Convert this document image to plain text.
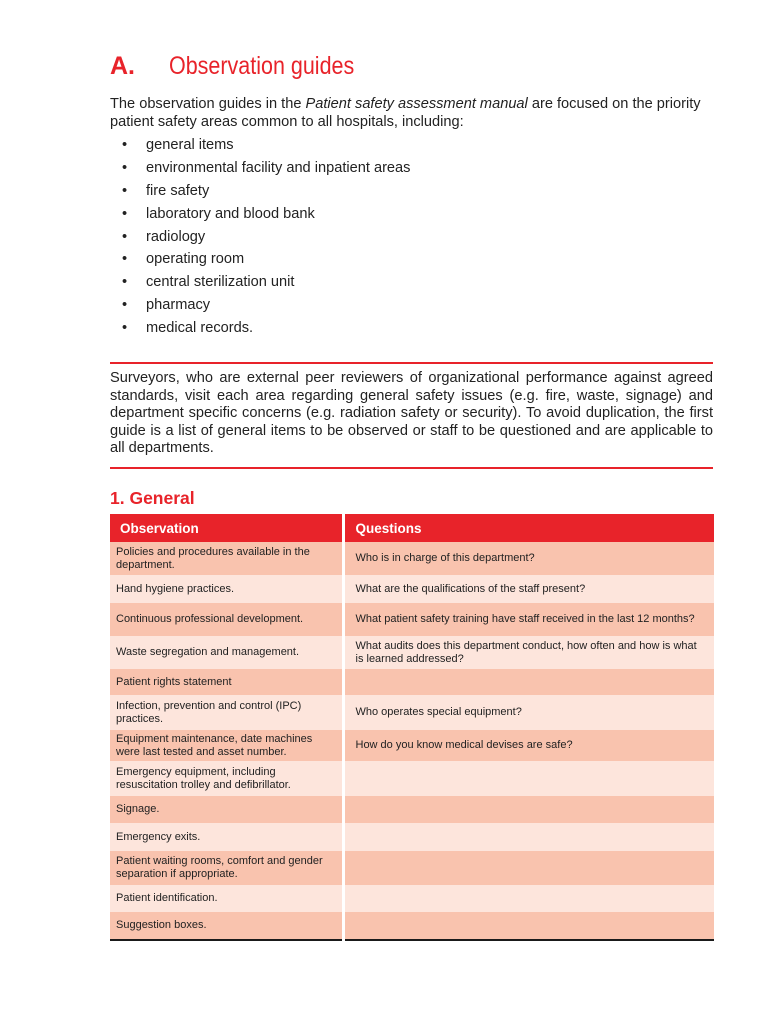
A. Observation guides

The observation guides in the Patient safety assessment manual are focused on the priority patient safety areas common to all hospitals, including:

• general items
• environmental facility and inpatient areas
• fire safety
• laboratory and blood bank
• radiology
• operating room
• central sterilization unit
• pharmacy
• medical records.

Surveyors, who are external peer reviewers of organizational performance against agreed standards, visit each area regarding general safety issues (e.g. fire, waste, signage) and department specific concerns (e.g. radiation safety or security). To avoid duplication, the first guide is a list of general items to be observed or staff to be questioned and are applicable to all departments.

1. General
Observation	Questions
Policies and procedures available in the department.	Who is in charge of this department?
Hand hygiene practices.	What are the qualifications of the staff present?
Continuous professional development.	What patient safety training have staff received in the last 12 months?
Waste segregation and management.	What audits does this department conduct, how often and how is what is learned addressed?
Patient rights statement	
Infection, prevention and control (IPC) practices.	Who operates special equipment?
Equipment maintenance, date machines were last tested and asset number.	How do you know medical devises are safe?
Emergency equipment, including resuscitation trolley and defibrillator.	
Signage.	
Emergency exits.	
Patient waiting rooms, comfort and gender separation if appropriate.	
Patient identification.	
Suggestion boxes.	
